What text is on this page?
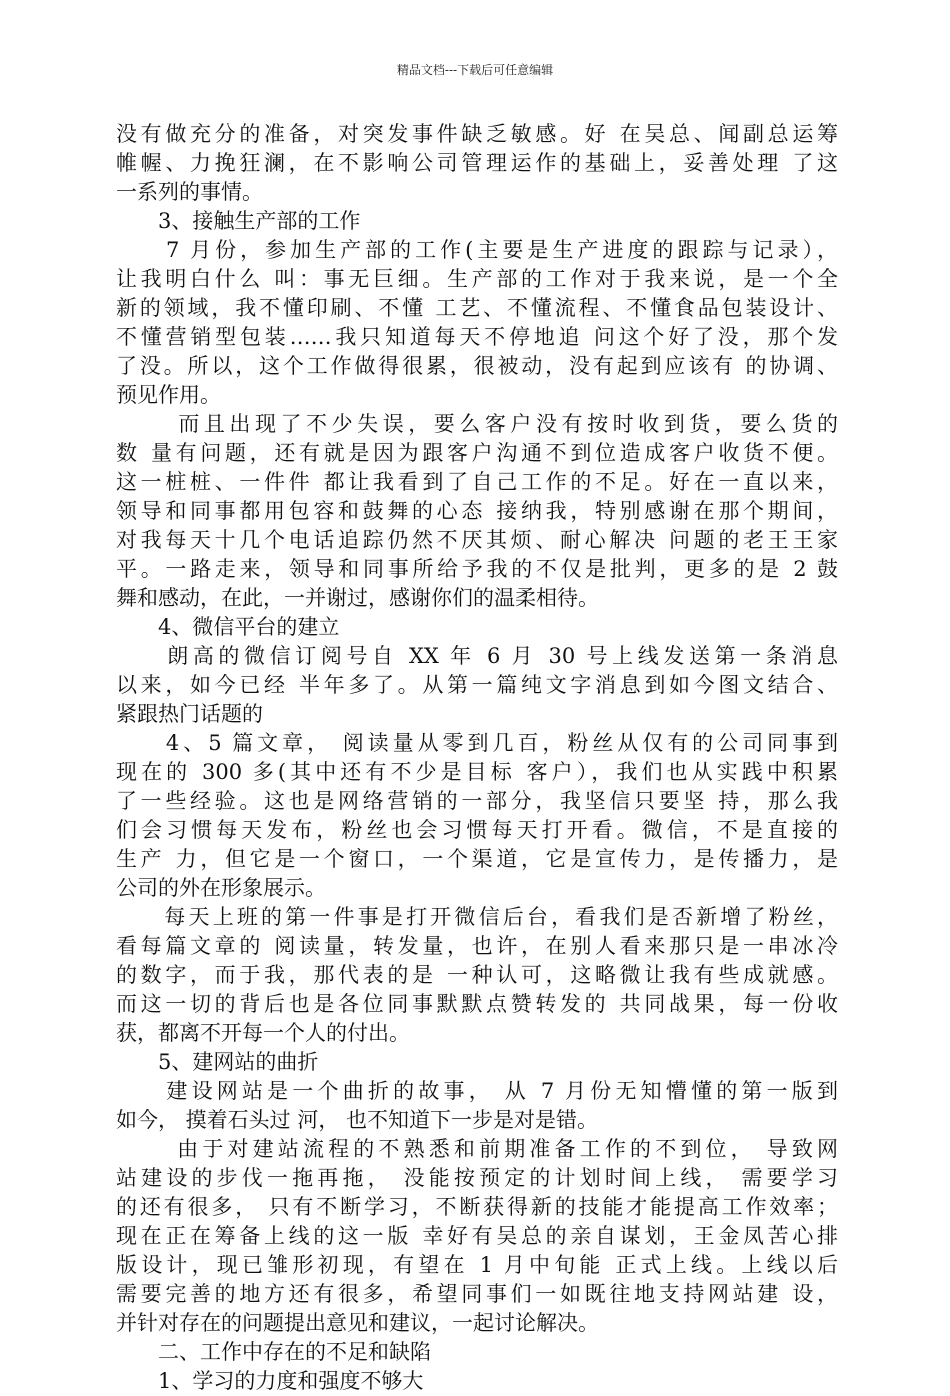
精品文档---下载后可任意编辑
没有做充分的准备，对突发事件缺乏敏感。好 在吴总、闻副总运筹
帷幄、力挽狂澜，在不影响公司管理运作的基础上，妥善处理 了这
一系列的事情。
　　3、接触生产部的工作
　　7 月份，参加生产部的工作(主要是生产进度的跟踪与记录），
让我明白什么 叫：事无巨细。生产部的工作对于我来说，是一个全
新的领域，我不懂印刷、不懂 工艺、不懂流程、不懂食品包装设计、
不懂营销型包装……我只知道每天不停地追 问这个好了没，那个发
了没。所以，这个工作做得很累，很被动，没有起到应该有 的协调、
预见作用。
　　 而且出现了不少失误，要么客户没有按时收到货，要么货的
数 量有问题，还有就是因为跟客户沟通不到位造成客户收货不便。
这一桩桩、一件件 都让我看到了自己工作的不足。好在一直以来，
领导和同事都用包容和鼓舞的心态 接纳我，特别感谢在那个期间，
对我每天十几个电话追踪仍然不厌其烦、耐心解决 问题的老王王家
平。一路走来，领导和同事所给予我的不仅是批判，更多的是 2 鼓
舞和感动，在此，一并谢过，感谢你们的温柔相待。
　　4、微信平台的建立
　　朗高的微信订阅号自 XX 年 6 月 30 号上线发送第一条消息
以来，如今已经 半年多了。从第一篇纯文字消息到如今图文结合、
紧跟热门话题的
　　4、5 篇文章， 阅读量从零到几百，粉丝从仅有的公司同事到
现在的 300 多(其中还有不少是目标 客户），我们也从实践中积累
了一些经验。这也是网络营销的一部分，我坚信只要坚 持，那么我
们会习惯每天发布，粉丝也会习惯每天打开看。微信，不是直接的
生产 力，但它是一个窗口，一个渠道，它是宣传力，是传播力，是
公司的外在形象展示。
　　每天上班的第一件事是打开微信后台，看我们是否新增了粉丝，
看每篇文章的 阅读量，转发量，也许，在别人看来那只是一串冰冷
的数字，而于我，那代表的是 一种认可，这略微让我有些成就感。
而这一切的背后也是各位同事默默点赞转发的 共同战果，每一份收
获，都离不开每一个人的付出。
　　5、建网站的曲折
　　建设网站是一个曲折的故事， 从 7 月份无知懵懂的第一版到
如今， 摸着石头过 河， 也不知道下一步是对是错。
　　 由于对建站流程的不熟悉和前期准备工作的不到位， 导致网
站建设的步伐一拖再拖， 没能按预定的计划时间上线， 需要学习
的还有很多， 只有不断学习，不断获得新的技能才能提高工作效率；
现在正在筹备上线的这一版 幸好有吴总的亲自谋划，王金凤苦心排
版设计，现已雏形初现，有望在 1 月中旬能 正式上线。上线以后
需要完善的地方还有很多，希望同事们一如既往地支持网站建 设，
并针对存在的问题提出意见和建议，一起讨论解决。
　　二、工作中存在的不足和缺陷
　　1、学习的力度和强度不够大
